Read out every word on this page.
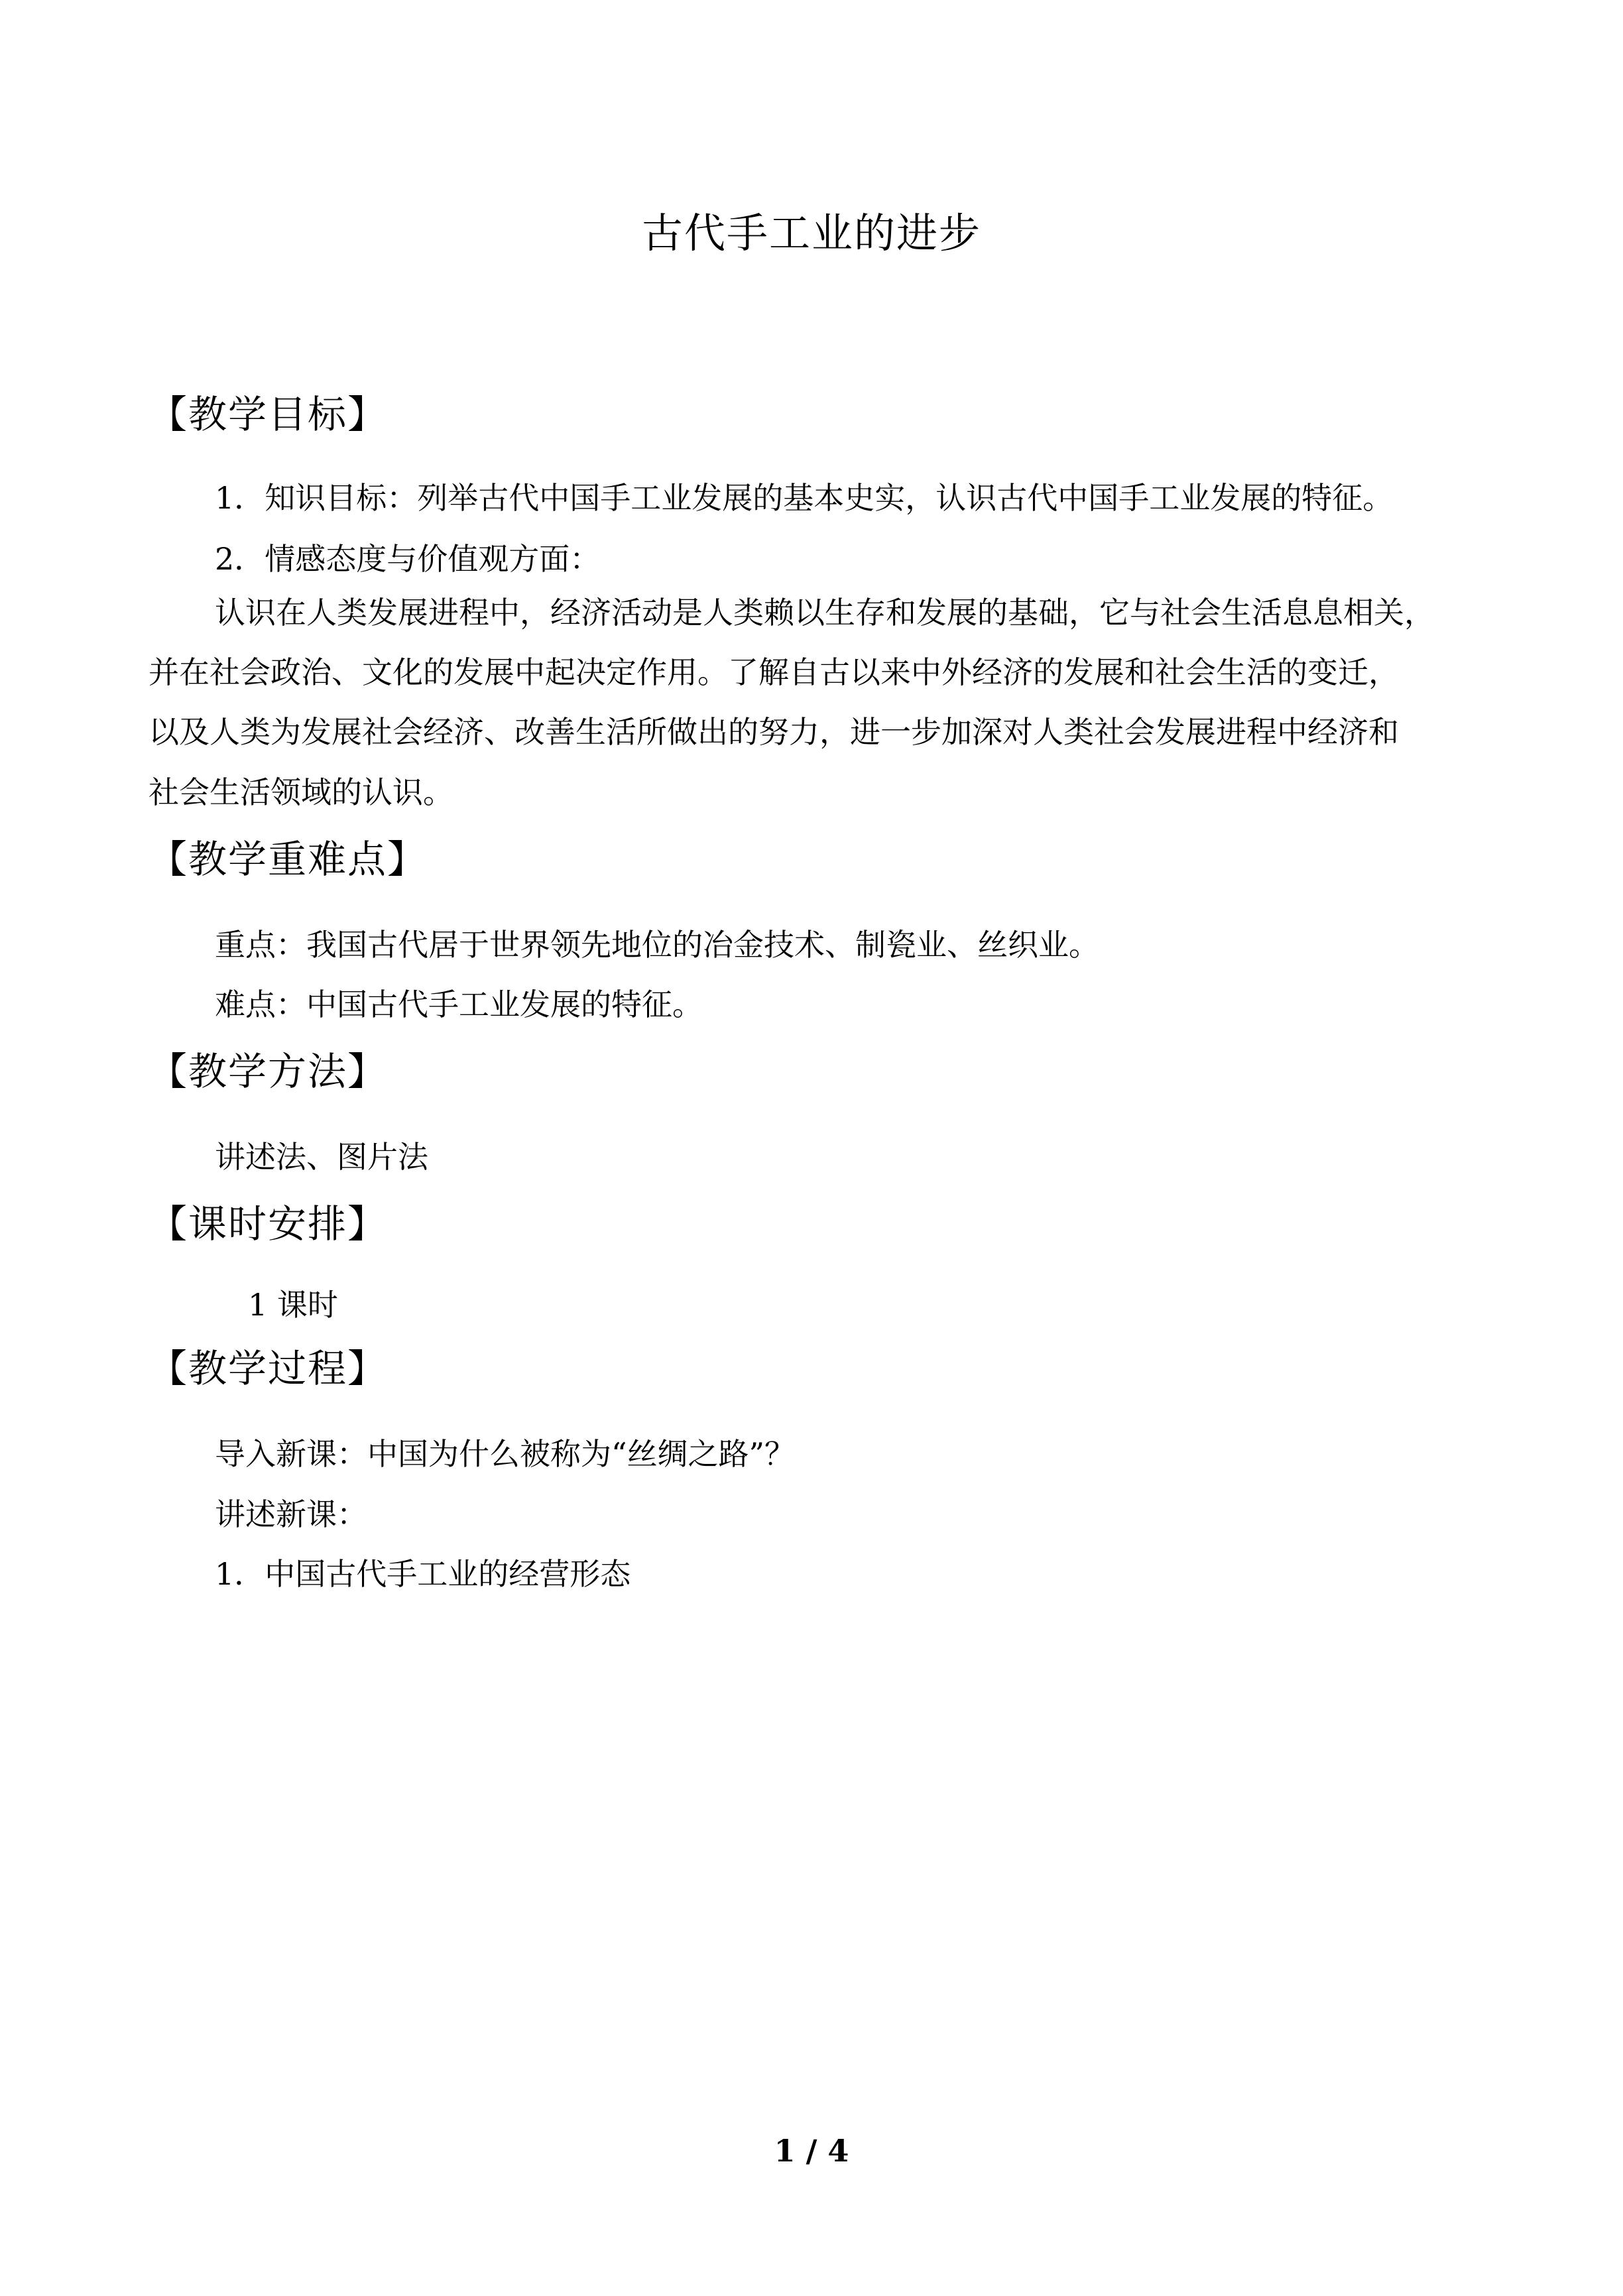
古代手工业的进步
【教学目标】
1．知识目标：列举古代中国手工业发展的基本史实，认识古代中国手工业发展的特征。
2．情感态度与价值观方面：
认识在人类发展进程中，经济活动是人类赖以生存和发展的基础，它与社会生活息息相关，
并在社会政治、文化的发展中起决定作用。了解自古以来中外经济的发展和社会生活的变迁，
以及人类为发展社会经济、改善生活所做出的努力，进一步加深对人类社会发展进程中经济和
社会生活领域的认识。
【教学重难点】
重点：我国古代居于世界领先地位的冶金技术、制瓷业、丝织业。
难点：中国古代手工业发展的特征。
【教学方法】
讲述法、图片法
【课时安排】
1 课时
【教学过程】
导入新课：中国为什么被称为“丝绸之路”？
讲述新课：
1．中国古代手工业的经营形态
1 / 4
